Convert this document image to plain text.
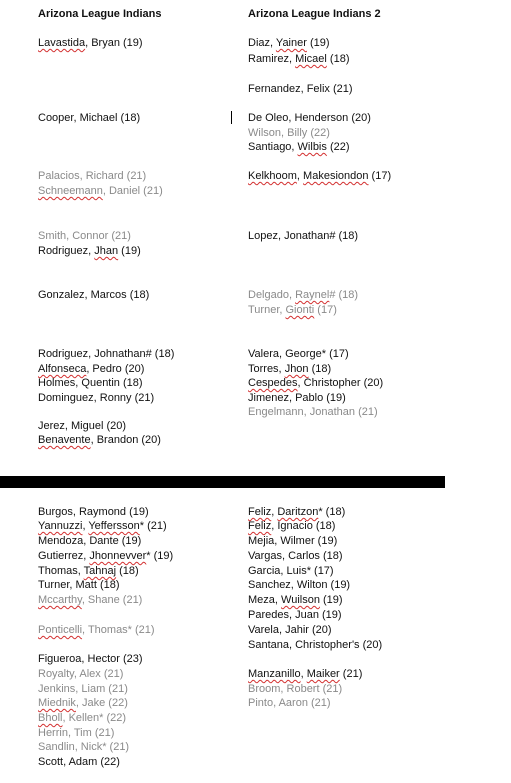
Arizona League Indians	Arizona League Indians 2
Lavastida, Bryan (19)
Cooper, Michael (18)
Palacios, Richard (21)
Schneemann, Daniel (21)
Smith, Connor (21)
Rodriguez, Jhan (19)
Gonzalez, Marcos (18)
Rodriguez, Johnathan# (18)
Alfonseca, Pedro (20)
Holmes, Quentin (18)
Dominguez, Ronny (21)
Jerez, Miguel (20)
Benavente, Brandon (20)
Diaz, Yainer (19)
Ramirez, Micael (18)
Fernandez, Felix (21)
De Oleo, Henderson (20)
Wilson, Billy (22)
Santiago, Wilbis (22)
Kelkhoom, Makesiondon (17)
Lopez, Jonathan# (18)
Delgado, Raynel# (18)
Turner, Gionti (17)
Valera, George* (17)
Torres, Jhon (18)
Cespedes, Christopher (20)
Jimenez, Pablo (19)
Engelmann, Jonathan (21)
Burgos, Raymond (19)
Yannuzzi, Yeffersson* (21)
Mendoza, Dante (19)
Gutierrez, Jhonnevver* (19)
Thomas, Tahnaj (18)
Turner, Matt (18)
Mccarthy, Shane (21)
Ponticelli, Thomas* (21)
Figueroa, Hector (23)
Royalty, Alex (21)
Jenkins, Liam (21)
Miednik, Jake (22)
Bholl, Kellen* (22)
Herrin, Tim (21)
Sandlin, Nick* (21)
Scott, Adam (22)
Feliz, Daritzon* (18)
Feliz, Ignacio (18)
Mejia, Wilmer (19)
Vargas, Carlos (18)
Garcia, Luis* (17)
Sanchez, Wilton (19)
Meza, Wuilson (19)
Paredes, Juan (19)
Varela, Jahir (20)
Santana, Christopher's (20)
Manzanillo, Maiker (21)
Broom, Robert (21)
Pinto, Aaron (21)
